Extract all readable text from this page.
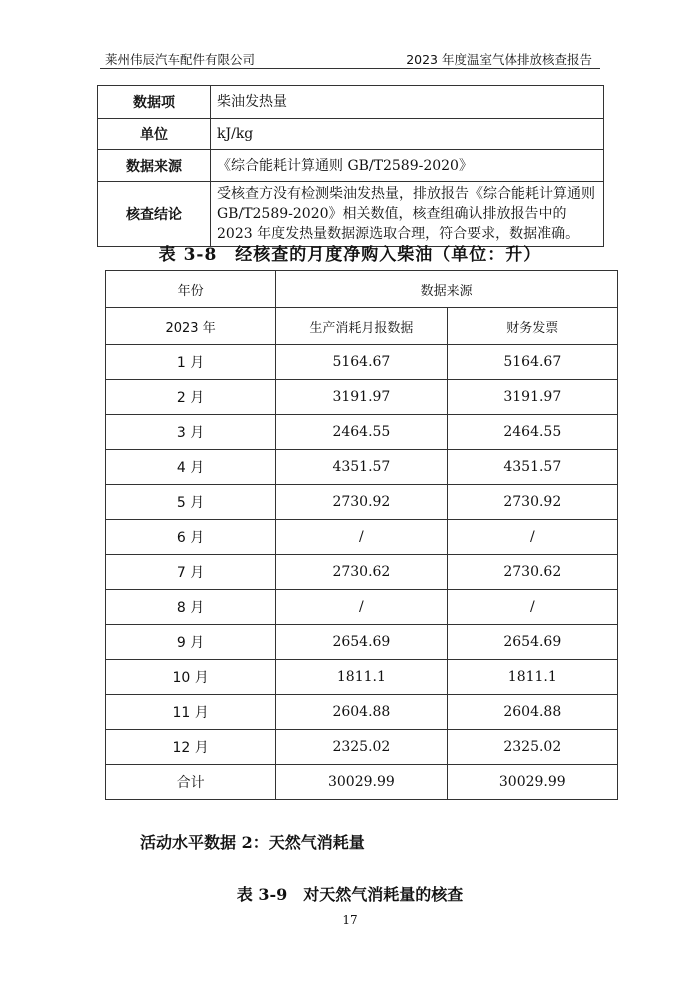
莱州伟辰汽车配件有限公司	2023 年度温室气体排放核查报告
数据项	柴油发热量
单位	kJ/kg
数据来源	《综合能耗计算通则 GB/T2589-2020》
核查结论	受核查方没有检测柴油发热量，排放报告《综合能耗计算通则 GB/T2589-2020》相关数值，核查组确认排放报告中的 2023 年度发热量数据源选取合理，符合要求，数据准确。
表 3-8　经核查的月度净购入柴油（单位：升）
年份	数据来源	
2023 年	生产消耗月报数据	财务发票
1 月	5164.67	5164.67
2 月	3191.97	3191.97
3 月	2464.55	2464.55
4 月	4351.57	4351.57
5 月	2730.92	2730.92
6 月	/	/
7 月	2730.62	2730.62
8 月	/	/
9 月	2654.69	2654.69
10 月	1811.1	1811.1
11 月	2604.88	2604.88
12 月	2325.02	2325.02
合计	30029.99	30029.99
活动水平数据 2：天然气消耗量
表 3-9　对天然气消耗量的核查
17
